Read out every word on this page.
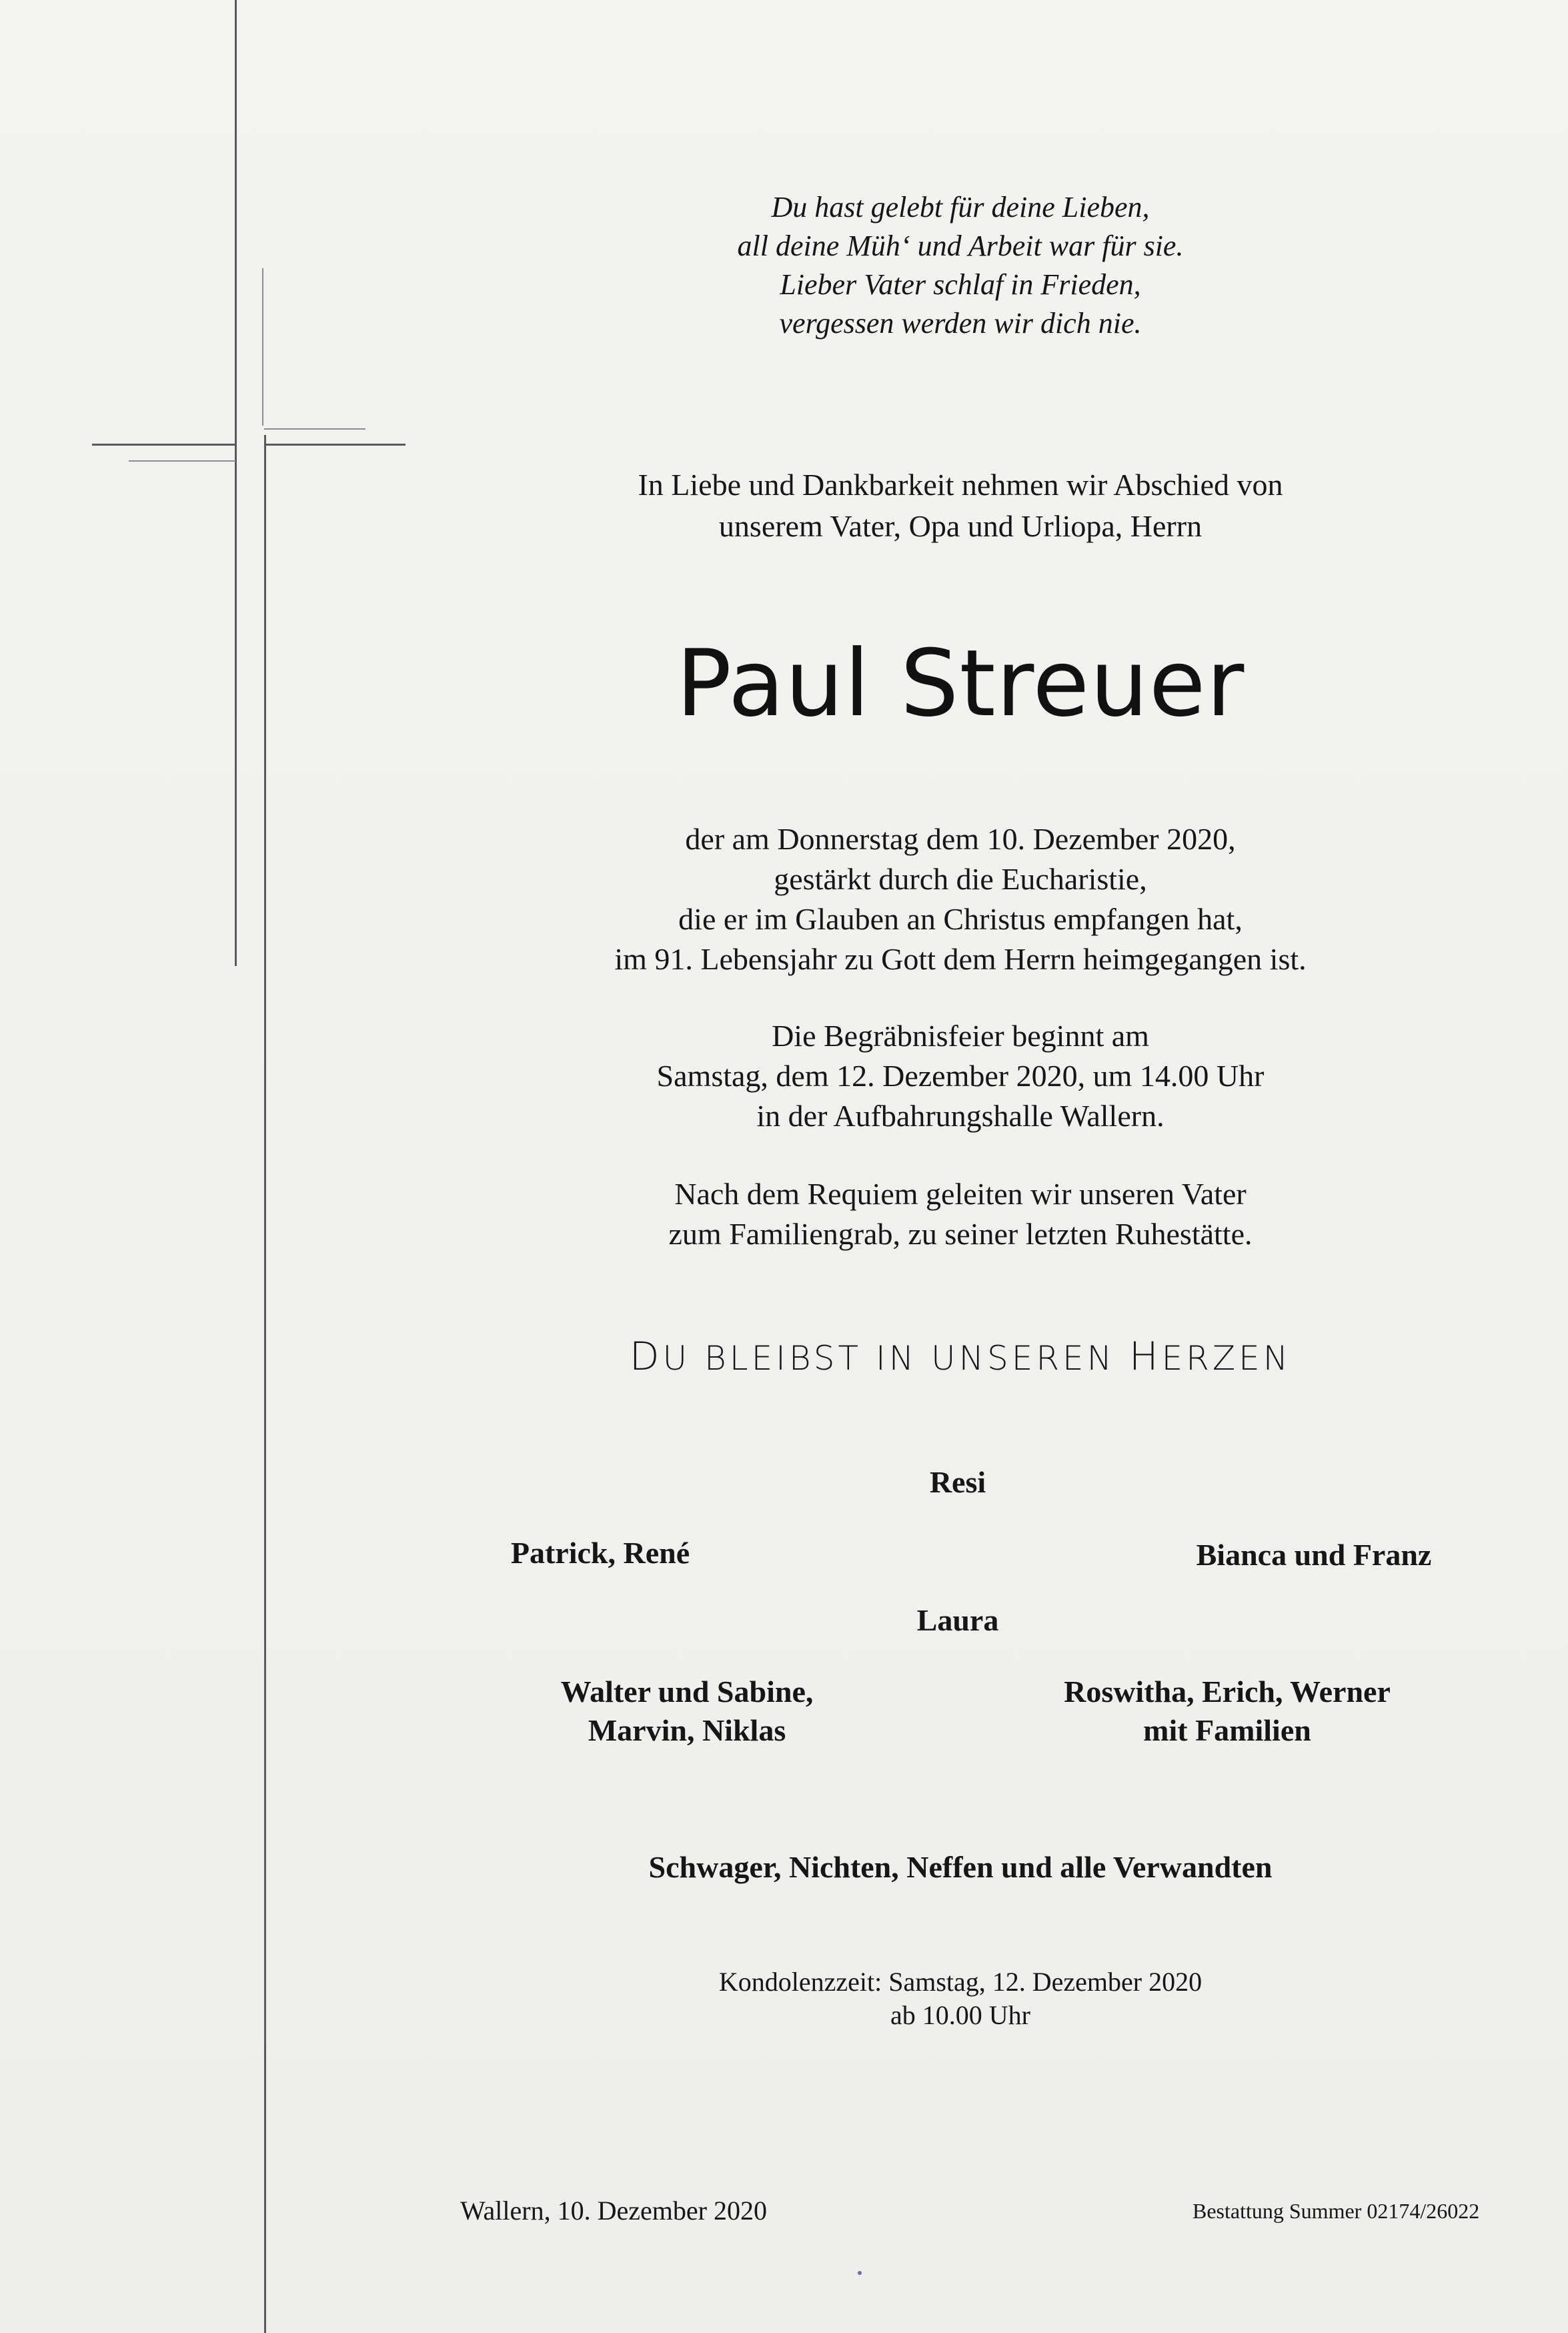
Du hast gelebt für deine Lieben,
all deine Müh‘ und Arbeit war für sie.
Lieber Vater schlaf in Frieden,
vergessen werden wir dich nie.
In Liebe und Dankbarkeit nehmen wir Abschied von
unserem Vater, Opa und Urliopa, Herrn
Paul Streuer
der am Donnerstag dem 10. Dezember 2020,
gestärkt durch die Eucharistie,
die er im Glauben an Christus empfangen hat,
im 91. Lebensjahr zu Gott dem Herrn heimgegangen ist.
Die Begräbnisfeier beginnt am
Samstag, dem 12. Dezember 2020, um 14.00 Uhr
in der Aufbahrungshalle Wallern.
Nach dem Requiem geleiten wir unseren Vater
zum Familiengrab, zu seiner letzten Ruhestätte.
DU BLEIBST IN UNSEREN HERZEN
Resi
Patrick, René	Bianca und Franz
Laura
Walter und Sabine,
Marvin, Niklas
Roswitha, Erich, Werner
mit Familien
Schwager, Nichten, Neffen und alle Verwandten
Kondolenzzeit: Samstag, 12. Dezember 2020
ab 10.00 Uhr
Wallern, 10. Dezember 2020	Bestattung Summer 02174/26022
